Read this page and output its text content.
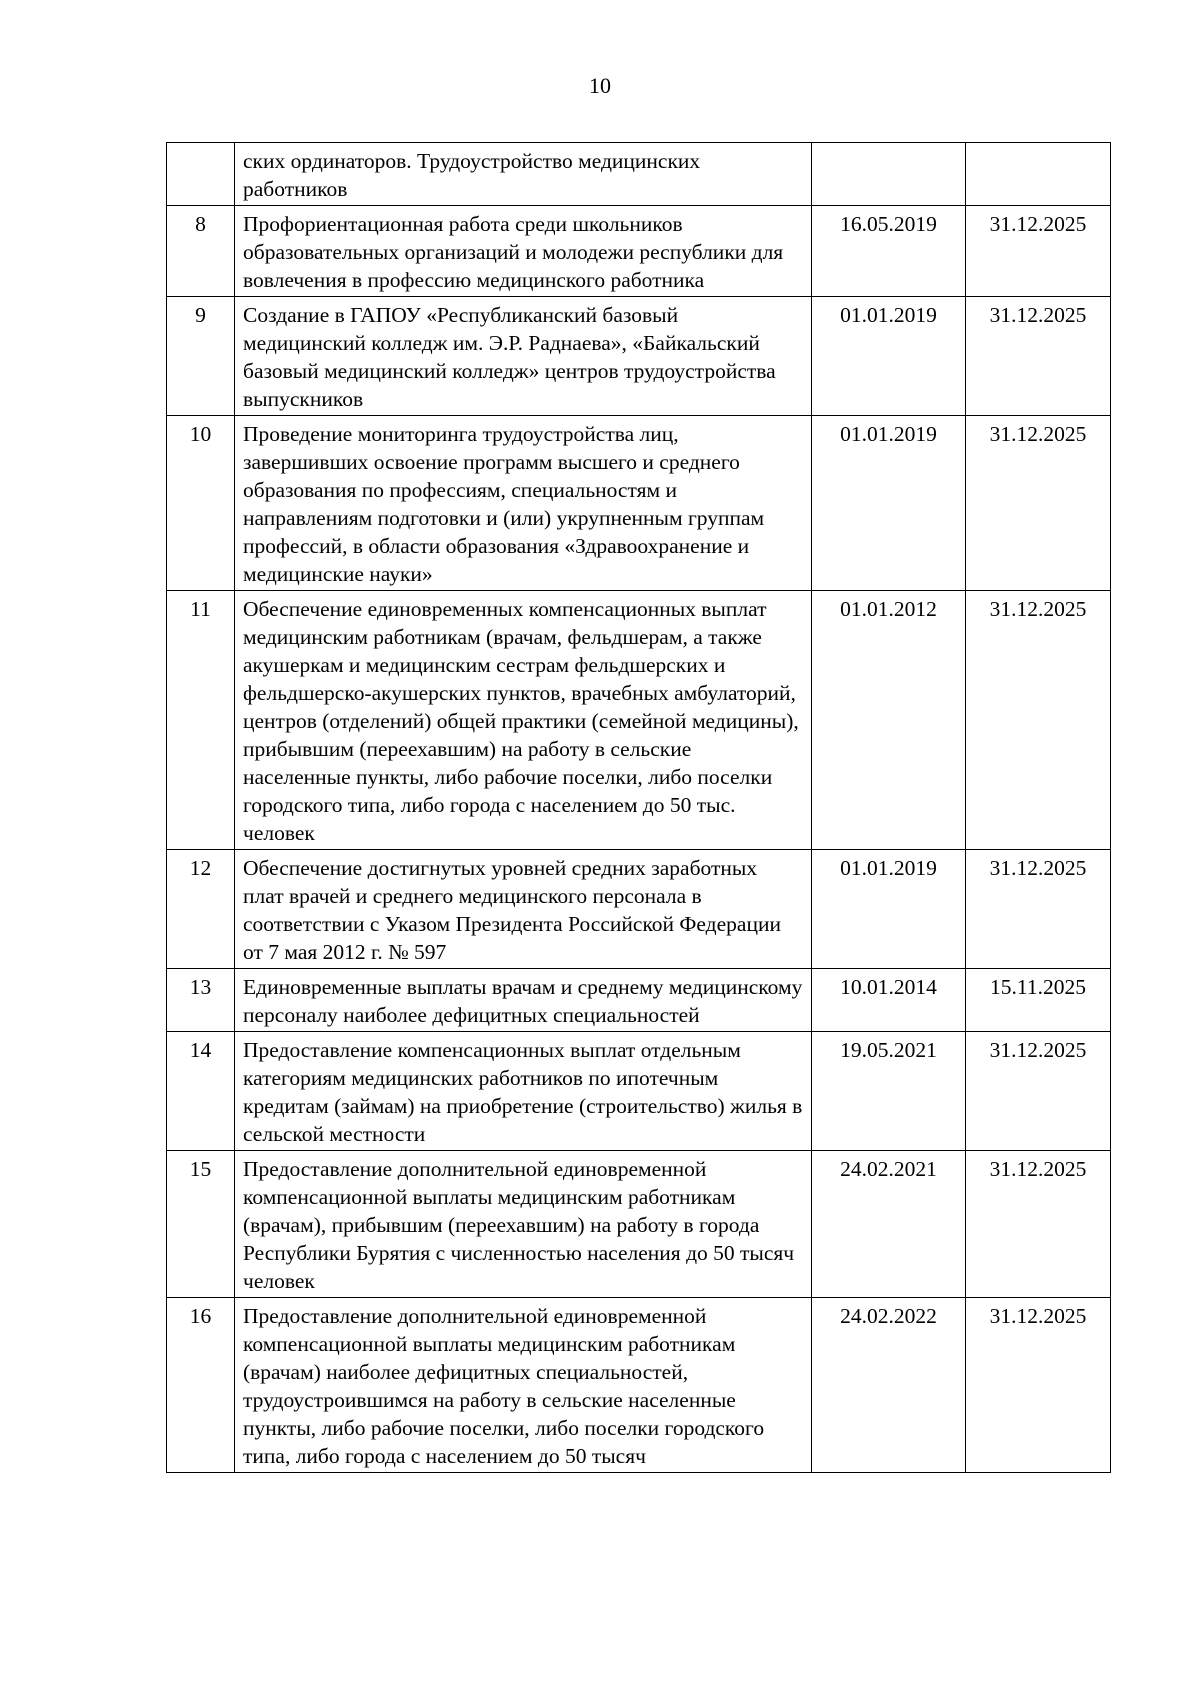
10
	ских ординаторов. Трудоустройство медицинских работников		
8	Профориентационная работа среди школьников образовательных организаций и молодежи республики для вовлечения в профессию медицинского работника	16.05.2019	31.12.2025
9	Создание в ГАПОУ «Республиканский базовый медицинский колледж им. Э.Р. Раднаева», «Байкальский базовый медицинский колледж» центров трудоустройства выпускников	01.01.2019	31.12.2025
10	Проведение мониторинга трудоустройства лиц, завершивших освоение программ высшего и среднего образования по профессиям, специальностям и направлениям подготовки и (или) укрупненным группам профессий, в области образования «Здравоохранение и медицинские науки»	01.01.2019	31.12.2025
11	Обеспечение единовременных компенсационных выплат медицинским работникам (врачам, фельдшерам, а также акушеркам и медицинским сестрам фельдшерских и фельдшерско-акушерских пунктов, врачебных амбулаторий, центров (отделений) общей практики (семейной медицины), прибывшим (переехавшим) на работу в сельские населенные пункты, либо рабочие поселки, либо поселки городского типа, либо города с населением до 50 тыс. человек	01.01.2012	31.12.2025
12	Обеспечение достигнутых уровней средних заработных плат врачей и среднего медицинского персонала в соответствии с Указом Президента Российской Федерации от 7 мая 2012 г. № 597	01.01.2019	31.12.2025
13	Единовременные выплаты врачам и среднему медицинскому персоналу наиболее дефицитных специальностей	10.01.2014	15.11.2025
14	Предоставление компенсационных выплат отдельным категориям медицинских работников по ипотечным кредитам (займам) на приобретение (строительство) жилья в сельской местности	19.05.2021	31.12.2025
15	Предоставление дополнительной единовременной компенсационной выплаты медицинским работникам (врачам), прибывшим (переехавшим) на работу в города Республики Бурятия с численностью населения до 50 тысяч человек	24.02.2021	31.12.2025
16	Предоставление дополнительной единовременной компенсационной выплаты медицинским работникам (врачам) наиболее дефицитных специальностей, трудоустроившимся на работу в сельские населенные пункты, либо рабочие поселки, либо поселки городского типа, либо города с населением до 50 тысяч	24.02.2022	31.12.2025
